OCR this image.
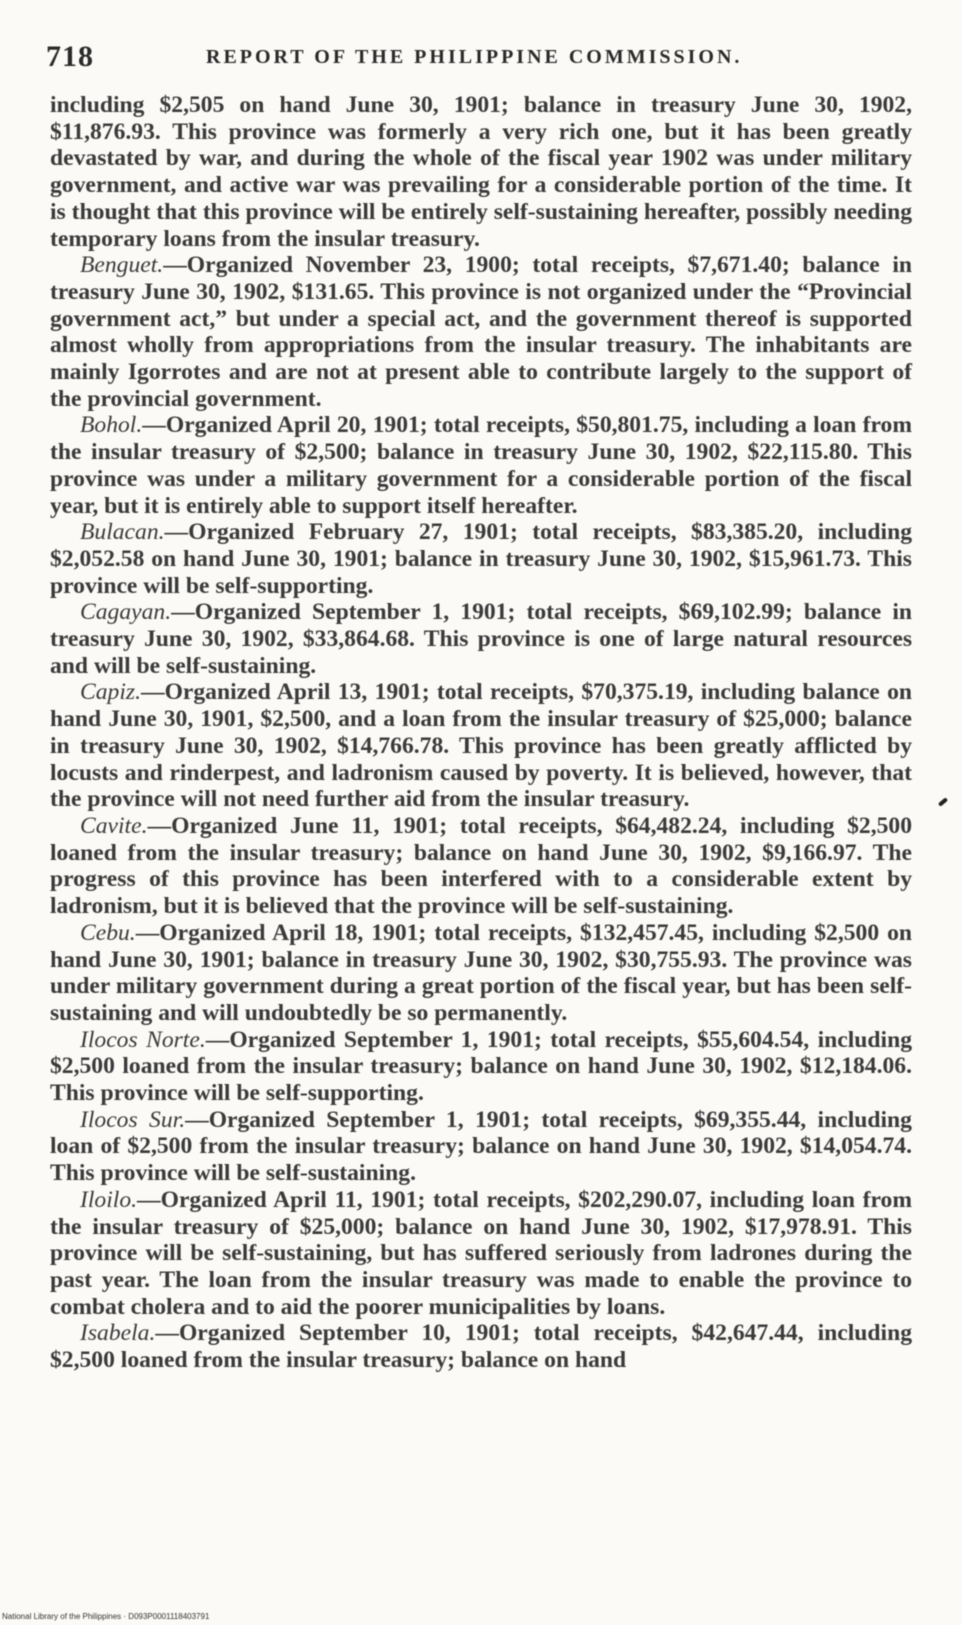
718	REPORT OF THE PHILIPPINE COMMISSION.

including $2,505 on hand June 30, 1901; balance in treasury June 30, 1902, $11,876.93. This province was formerly a very rich one, but it has been greatly devastated by war, and during the whole of the fiscal year 1902 was under military government, and active war was prevailing for a considerable portion of the time. It is thought that this province will be entirely self-sustaining hereafter, possibly needing temporary loans from the insular treasury.

Benguet.—Organized November 23, 1900; total receipts, $7,671.40; balance in treasury June 30, 1902, $131.65. This province is not organized under the “Provincial government act,” but under a special act, and the government thereof is supported almost wholly from appropriations from the insular treasury. The inhabitants are mainly Igorrotes and are not at present able to contribute largely to the support of the provincial government.

Bohol.—Organized April 20, 1901; total receipts, $50,801.75, including a loan from the insular treasury of $2,500; balance in treasury June 30, 1902, $22,115.80. This province was under a military government for a considerable portion of the fiscal year, but it is entirely able to support itself hereafter.

Bulacan.—Organized February 27, 1901; total receipts, $83,385.20, including $2,052.58 on hand June 30, 1901; balance in treasury June 30, 1902, $15,961.73. This province will be self-supporting.

Cagayan.—Organized September 1, 1901; total receipts, $69,102.99; balance in treasury June 30, 1902, $33,864.68. This province is one of large natural resources and will be self-sustaining.

Capiz.—Organized April 13, 1901; total receipts, $70,375.19, including balance on hand June 30, 1901, $2,500, and a loan from the insular treasury of $25,000; balance in treasury June 30, 1902, $14,766.78. This province has been greatly afflicted by locusts and rinderpest, and ladronism caused by poverty. It is believed, however, that the province will not need further aid from the insular treasury.

Cavite.—Organized June 11, 1901; total receipts, $64,482.24, including $2,500 loaned from the insular treasury; balance on hand June 30, 1902, $9,166.97. The progress of this province has been interfered with to a considerable extent by ladronism, but it is believed that the province will be self-sustaining.

Cebu.—Organized April 18, 1901; total receipts, $132,457.45, including $2,500 on hand June 30, 1901; balance in treasury June 30, 1902, $30,755.93. The province was under military government during a great portion of the fiscal year, but has been self-sustaining and will undoubtedly be so permanently.

Ilocos Norte.—Organized September 1, 1901; total receipts, $55,604.54, including $2,500 loaned from the insular treasury; balance on hand June 30, 1902, $12,184.06. This province will be self-supporting.

Ilocos Sur.—Organized September 1, 1901; total receipts, $69,355.44, including loan of $2,500 from the insular treasury; balance on hand June 30, 1902, $14,054.74. This province will be self-sustaining.

Iloilo.—Organized April 11, 1901; total receipts, $202,290.07, including loan from the insular treasury of $25,000; balance on hand June 30, 1902, $17,978.91. This province will be self-sustaining, but has suffered seriously from ladrones during the past year. The loan from the insular treasury was made to enable the province to combat cholera and to aid the poorer municipalities by loans.

Isabela.—Organized September 10, 1901; total receipts, $42,647.44, including $2,500 loaned from the insular treasury; balance on hand

National Library of the Philippines · D093P0001118403791
